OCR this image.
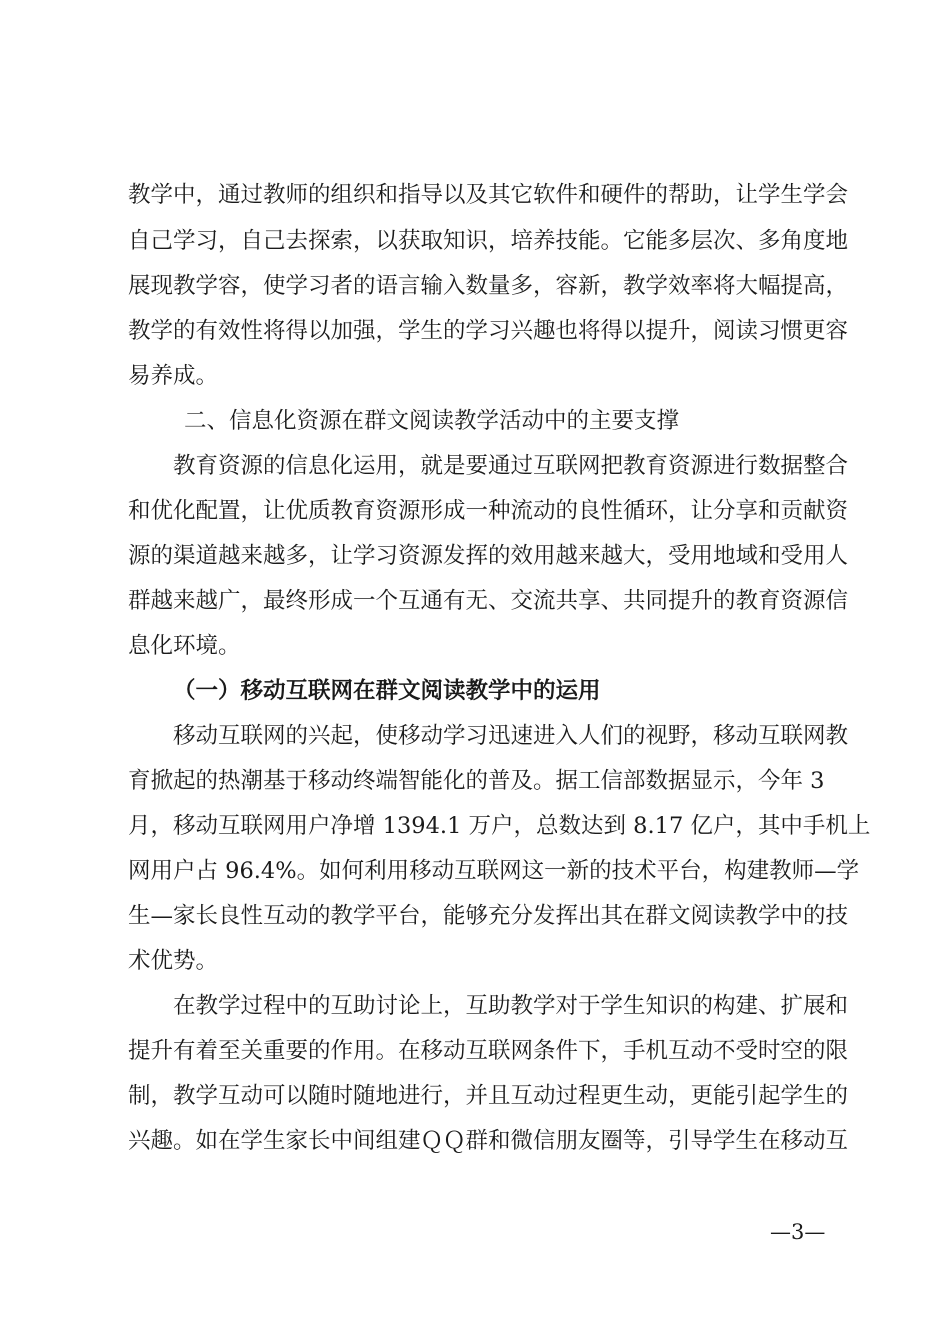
教学中，通过教师的组织和指导以及其它软件和硬件的帮助，让学生学会
自己学习，自己去探索，以获取知识，培养技能。它能多层次、多角度地
展现教学容，使学习者的语言输入数量多，容新，教学效率将大幅提高，
教学的有效性将得以加强，学生的学习兴趣也将得以提升，阅读习惯更容
易养成。
二、信息化资源在群文阅读教学活动中的主要支撑
教育资源的信息化运用，就是要通过互联网把教育资源进行数据整合
和优化配置，让优质教育资源形成一种流动的良性循环，让分享和贡献资
源的渠道越来越多，让学习资源发挥的效用越来越大，受用地域和受用人
群越来越广，最终形成一个互通有无、交流共享、共同提升的教育资源信
息化环境。
（一）移动互联网在群文阅读教学中的运用
移动互联网的兴起，使移动学习迅速进入人们的视野，移动互联网教
育掀起的热潮基于移动终端智能化的普及。据工信部数据显示，今年 3
月，移动互联网用户净增 1394.1 万户，总数达到 8.17 亿户，其中手机上
网用户占 96.4%。如何利用移动互联网这一新的技术平台，构建教师—学
生—家长良性互动的教学平台，能够充分发挥出其在群文阅读教学中的技
术优势。
在教学过程中的互助讨论上，互助教学对于学生知识的构建、扩展和
提升有着至关重要的作用。在移动互联网条件下，手机互动不受时空的限
制，教学互动可以随时随地进行，并且互动过程更生动，更能引起学生的
兴趣。如在学生家长中间组建ＱＱ群和微信朋友圈等，引导学生在移动互
—3—
